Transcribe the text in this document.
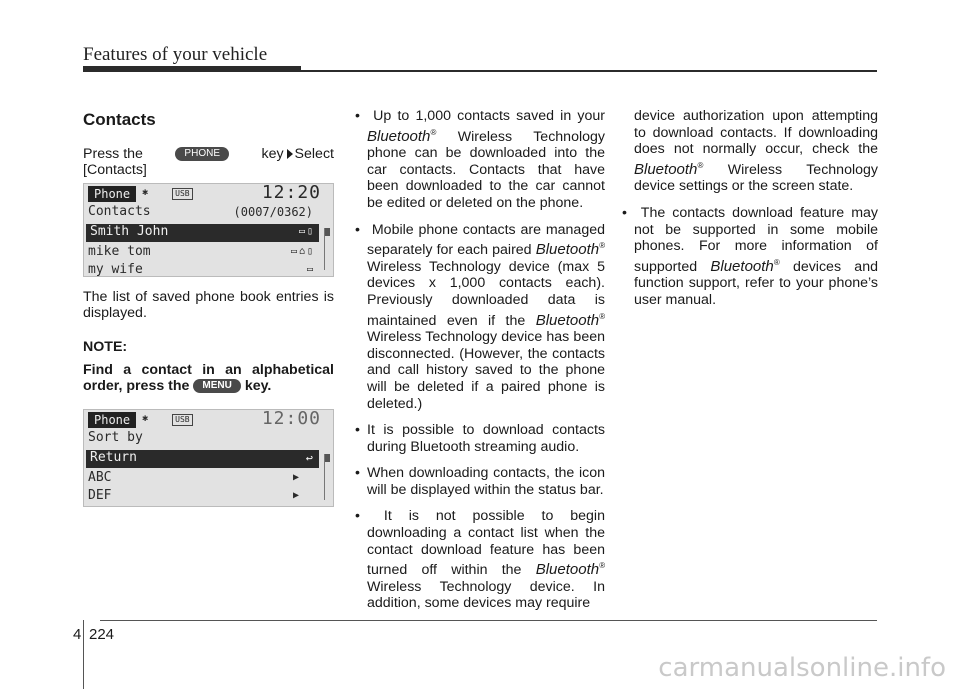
Features of your vehicle
Contacts
Press the	PHONE	key Select
[Contacts]
Phone	✱	USB	12:20
Contacts	(0007/0362)
Smith John	▭▯
mike tom	▭⌂▯
my wife	▭

The list of saved phone book entries is displayed.

NOTE:

Find a contact in an alphabetical order, press the MENU key.

Phone	✱	USB	12:00
Sort by
Return	↩
ABC	▶
DEF	▶
• Up to 1,000 contacts saved in your Bluetooth® Wireless Technology phone can be downloaded into the car contacts. Contacts that have been downloaded to the car cannot be edited or deleted on the phone.
• Mobile phone contacts are managed separately for each paired Bluetooth® Wireless Technology device (max 5 devices x 1,000 contacts each). Previously downloaded data is maintained even if the Bluetooth® Wireless Technology device has been disconnected. (However, the contacts and call history saved to the phone will be deleted if a paired phone is deleted.)
• It is possible to download contacts during Bluetooth streaming audio.
• When downloading contacts, the icon will be displayed within the status bar.
• It is not possible to begin downloading a contact list when the contact download feature has been turned off within the Bluetooth® Wireless Technology device. In addition, some devices may require

device authorization upon attempting to download contacts. If downloading does not normally occur, check the Bluetooth® Wireless Technology device settings or the screen state.

• The contacts download feature may not be supported in some mobile phones. For more information of supported Bluetooth® devices and function support, refer to your phone’s user manual.
4 224
carmanualsonline.info
